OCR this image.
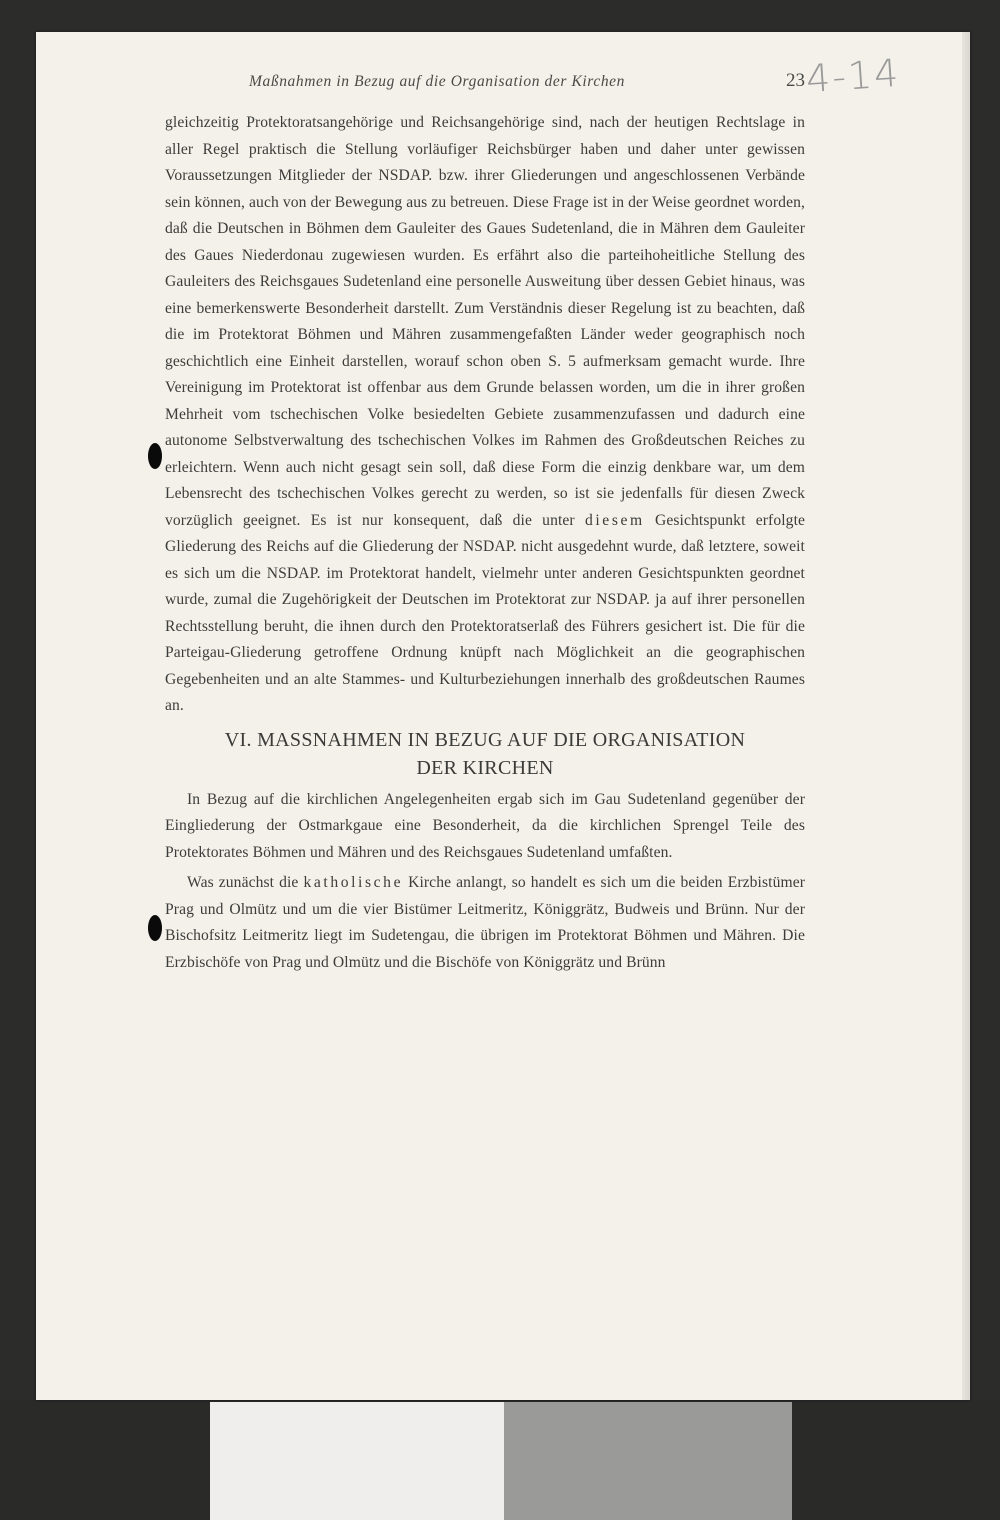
4-14
Maßnahmen in Bezug auf die Organisation der Kirchen	23

gleichzeitig Protektoratsangehörige und Reichsangehörige sind, nach der heutigen Rechtslage in aller Regel praktisch die Stellung vorläufiger Reichsbürger haben und daher unter gewissen Voraussetzungen Mitglieder der NSDAP. bzw. ihrer Gliederungen und angeschlossenen Verbände sein können, auch von der Bewegung aus zu betreuen. Diese Frage ist in der Weise geordnet worden, daß die Deutschen in Böhmen dem Gauleiter des Gaues Sudetenland, die in Mähren dem Gauleiter des Gaues Niederdonau zugewiesen wurden. Es erfährt also die parteihoheitliche Stellung des Gauleiters des Reichsgaues Sudetenland eine personelle Ausweitung über dessen Gebiet hinaus, was eine bemerkenswerte Besonderheit darstellt. Zum Verständnis dieser Regelung ist zu beachten, daß die im Protektorat Böhmen und Mähren zusammengefaßten Länder weder geographisch noch geschichtlich eine Einheit darstellen, worauf schon oben S. 5 aufmerksam gemacht wurde. Ihre Vereinigung im Protektorat ist offenbar aus dem Grunde belassen worden, um die in ihrer großen Mehrheit vom tschechischen Volke besiedelten Gebiete zusammenzufassen und dadurch eine autonome Selbstverwaltung des tschechischen Volkes im Rahmen des Großdeutschen Reiches zu erleichtern. Wenn auch nicht gesagt sein soll, daß diese Form die einzig denkbare war, um dem Lebensrecht des tschechischen Volkes gerecht zu werden, so ist sie jedenfalls für diesen Zweck vorzüglich geeignet. Es ist nur konsequent, daß die unter diesem Gesichtspunkt erfolgte Gliederung des Reichs auf die Gliederung der NSDAP. nicht ausgedehnt wurde, daß letztere, soweit es sich um die NSDAP. im Protektorat handelt, vielmehr unter anderen Gesichtspunkten geordnet wurde, zumal die Zugehörigkeit der Deutschen im Protektorat zur NSDAP. ja auf ihrer personellen Rechtsstellung beruht, die ihnen durch den Protektoratserlaß des Führers gesichert ist. Die für die Parteigau-Gliederung getroffene Ordnung knüpft nach Möglichkeit an die geographischen Gegebenheiten und an alte Stammes- und Kulturbeziehungen innerhalb des großdeutschen Raumes an.

VI. MASSNAHMEN IN BEZUG AUF DIE ORGANISATION
DER KIRCHEN

In Bezug auf die kirchlichen Angelegenheiten ergab sich im Gau Sudetenland gegenüber der Eingliederung der Ostmarkgaue eine Besonderheit, da die kirchlichen Sprengel Teile des Protektorates Böhmen und Mähren und des Reichsgaues Sudetenland umfaßten.

Was zunächst die katholische Kirche anlangt, so handelt es sich um die beiden Erzbistümer Prag und Olmütz und um die vier Bistümer Leitmeritz, Königgrätz, Budweis und Brünn. Nur der Bischofsitz Leitmeritz liegt im Sudetengau, die übrigen im Protektorat Böhmen und Mähren. Die Erzbischöfe von Prag und Olmütz und die Bischöfe von Königgrätz und Brünn
